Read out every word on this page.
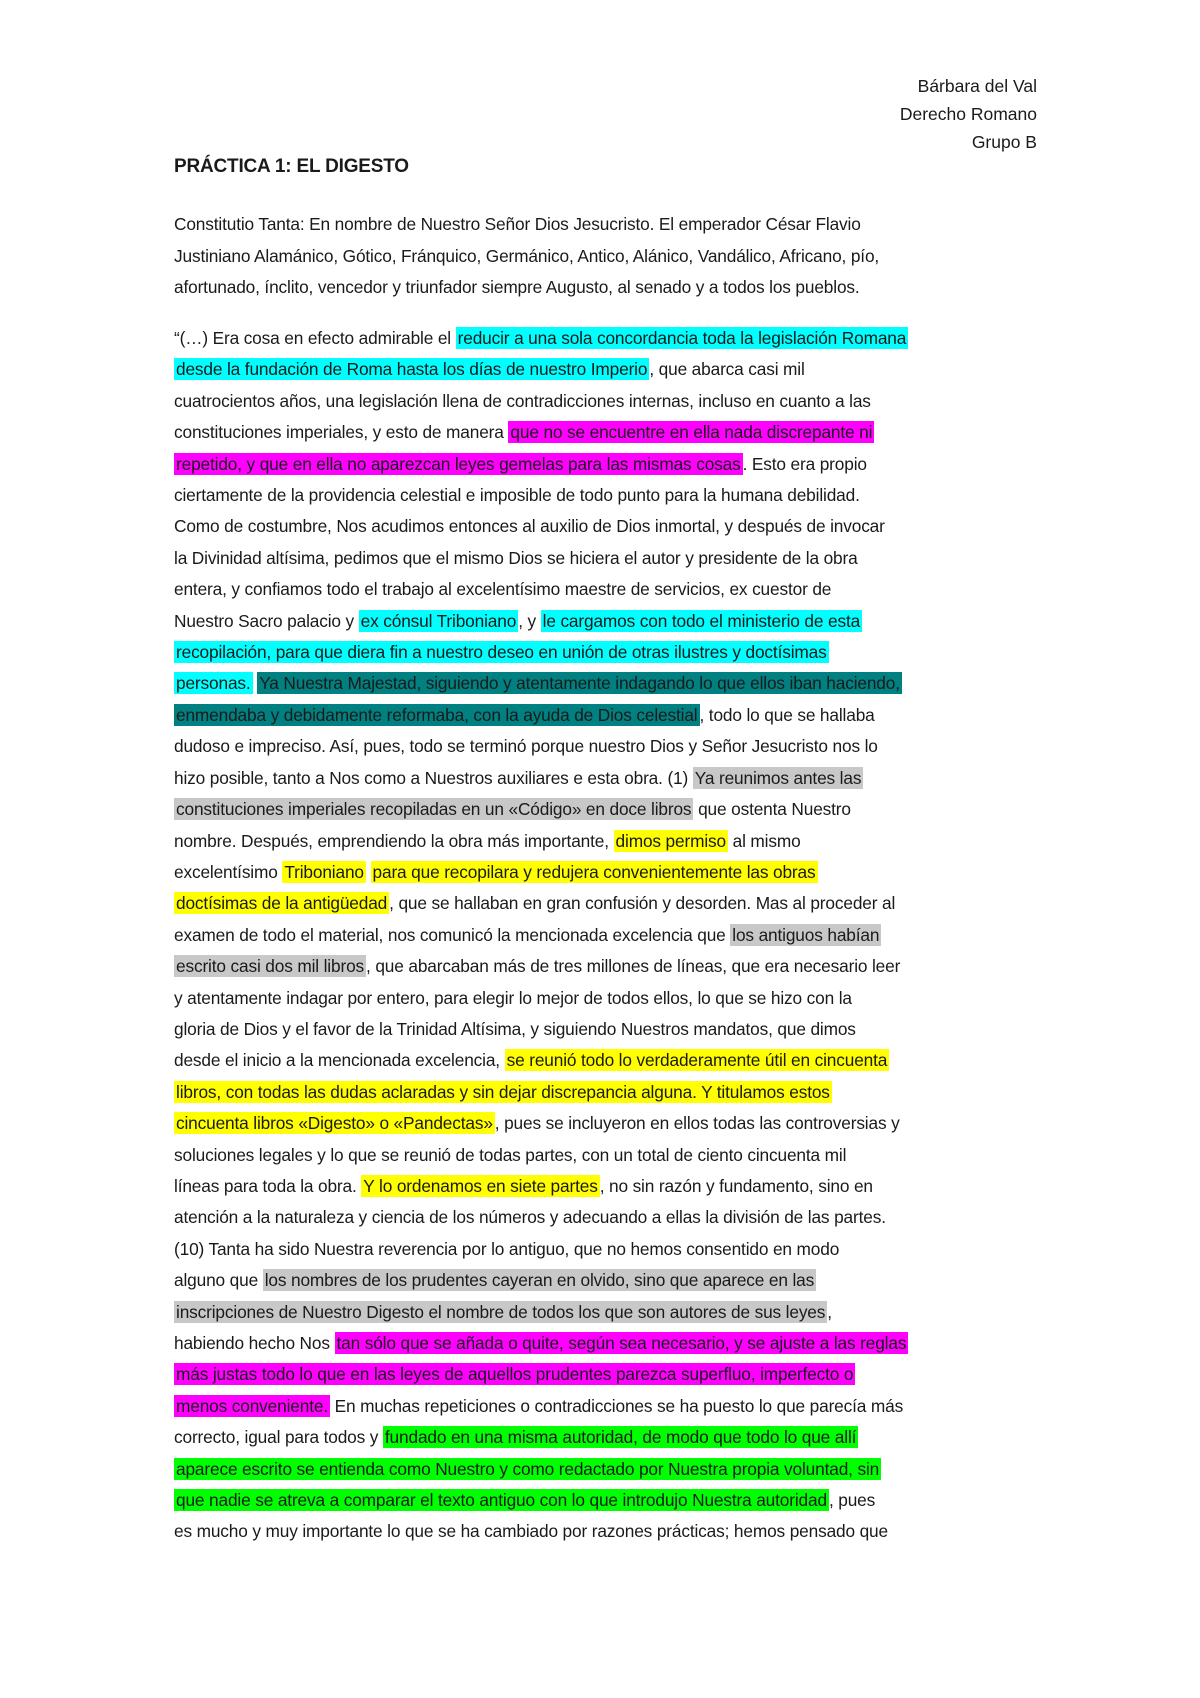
Bárbara del Val
Derecho Romano
Grupo B
PRÁCTICA 1: EL DIGESTO

Constitutio Tanta: En nombre de Nuestro Señor Dios Jesucristo. El emperador César Flavio
Justiniano Alamánico, Gótico, Fránquico, Germánico, Antico, Alánico, Vandálico, Africano, pío,
afortunado, ínclito, vencedor y triunfador siempre Augusto, al senado y a todos los pueblos.

“(…) Era cosa en efecto admirable el reducir a una sola concordancia toda la legislación Romana
desde la fundación de Roma hasta los días de nuestro Imperio , que abarca casi mil
cuatrocientos años, una legislación llena de contradicciones internas, incluso en cuanto a las
constituciones imperiales, y esto de manera que no se encuentre en ella nada discrepante ni
repetido, y que en ella no aparezcan leyes gemelas para las mismas cosas . Esto era propio
ciertamente de la providencia celestial e imposible de todo punto para la humana debilidad.
Como de costumbre, Nos acudimos entonces al auxilio de Dios inmortal, y después de invocar
la Divinidad altísima, pedimos que el mismo Dios se hiciera el autor y presidente de la obra
entera, y confiamos todo el trabajo al excelentísimo maestre de servicios, ex cuestor de
Nuestro Sacro palacio y ex cónsul Triboniano , y le cargamos con todo el ministerio de esta
recopilación, para que diera fin a nuestro deseo en unión de otras ilustres y doctísimas
personas. Ya Nuestra Majestad, siguiendo y atentamente indagando lo que ellos iban haciendo,
enmendaba y debidamente reformaba, con la ayuda de Dios celestial , todo lo que se hallaba
dudoso e impreciso. Así, pues, todo se terminó porque nuestro Dios y Señor Jesucristo nos lo
hizo posible, tanto a Nos como a Nuestros auxiliares e esta obra. (1) Ya reunimos antes las
constituciones imperiales recopiladas en un «Código» en doce libros que ostenta Nuestro
nombre. Después, emprendiendo la obra más importante, dimos permiso al mismo
excelentísimo Triboniano para que recopilara y redujera convenientemente las obras
doctísimas de la antigüedad , que se hallaban en gran confusión y desorden. Mas al proceder al
examen de todo el material, nos comunicó la mencionada excelencia que los antiguos habían
escrito casi dos mil libros , que abarcaban más de tres millones de líneas, que era necesario leer
y atentamente indagar por entero, para elegir lo mejor de todos ellos, lo que se hizo con la
gloria de Dios y el favor de la Trinidad Altísima, y siguiendo Nuestros mandatos, que dimos
desde el inicio a la mencionada excelencia, se reunió todo lo verdaderamente útil en cincuenta
libros, con todas las dudas aclaradas y sin dejar discrepancia alguna. Y titulamos estos
cincuenta libros «Digesto» o «Pandectas» , pues se incluyeron en ellos todas las controversias y
soluciones legales y lo que se reunió de todas partes, con un total de ciento cincuenta mil
líneas para toda la obra. Y lo ordenamos en siete partes , no sin razón y fundamento, sino en
atención a la naturaleza y ciencia de los números y adecuando a ellas la división de las partes.
(10) Tanta ha sido Nuestra reverencia por lo antiguo, que no hemos consentido en modo
alguno que los nombres de los prudentes cayeran en olvido, sino que aparece en las
inscripciones de Nuestro Digesto el nombre de todos los que son autores de sus leyes ,
habiendo hecho Nos tan sólo que se añada o quite, según sea necesario, y se ajuste a las reglas
más justas todo lo que en las leyes de aquellos prudentes parezca superfluo, imperfecto o
menos conveniente. En muchas repeticiones o contradicciones se ha puesto lo que parecía más
correcto, igual para todos y fundado en una misma autoridad, de modo que todo lo que allí
aparece escrito se entienda como Nuestro y como redactado por Nuestra propia voluntad, sin
que nadie se atreva a comparar el texto antiguo con lo que introdujo Nuestra autoridad , pues
es mucho y muy importante lo que se ha cambiado por razones prácticas; hemos pensado que
